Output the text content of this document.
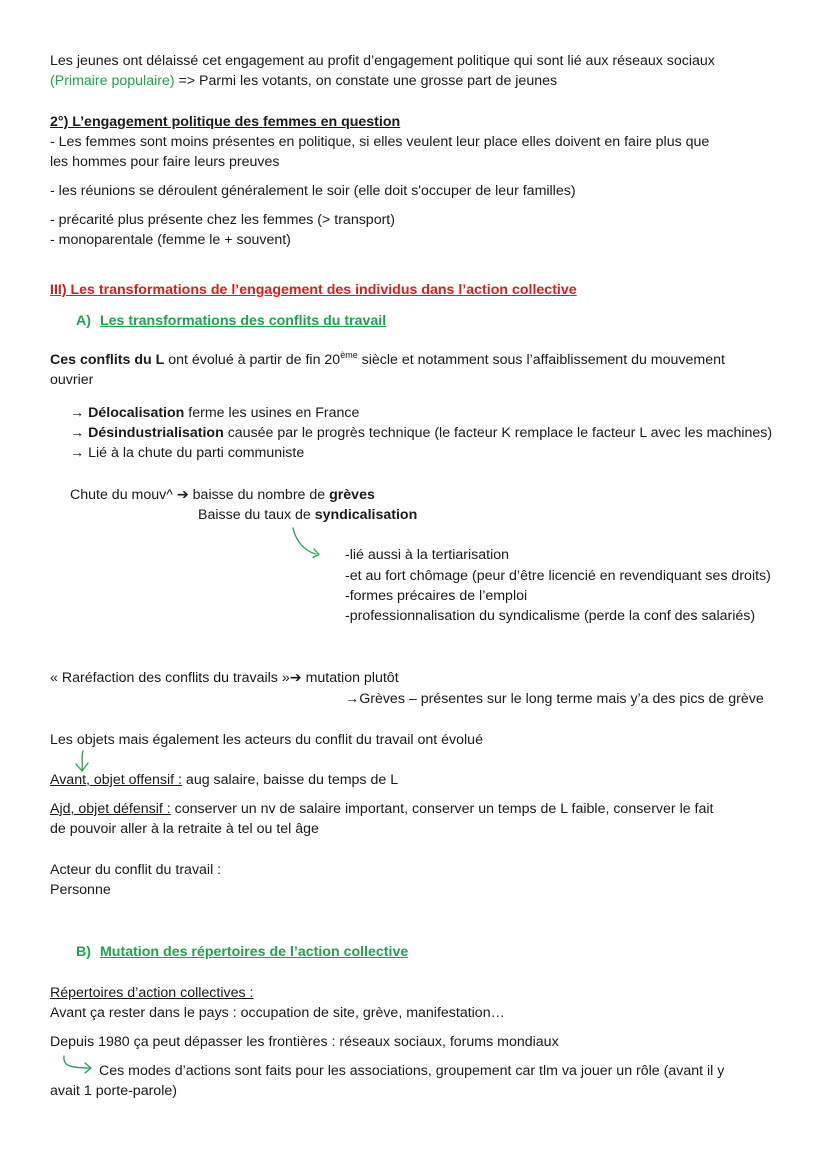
Les jeunes ont délaissé cet engagement au profit d’engagement politique qui sont lié aux réseaux sociaux
(Primaire populaire) => Parmi les votants, on constate une grosse part de jeunes
2°) L’engagement politique des femmes en question
- Les femmes sont moins présentes en politique, si elles veulent leur place elles doivent en faire plus que
les hommes pour faire leurs preuves
- les réunions se déroulent généralement le soir (elle doit s'occuper de leur familles)
- précarité plus présente chez les femmes (> transport)
- monoparentale (femme le + souvent)
III) Les transformations de l’engagement des individus dans l’action collective
A) Les transformations des conflits du travail
Ces conflits du L ont évolué à partir de fin 20ème siècle et notamment sous l’affaiblissement du mouvement
ouvrier
→ Délocalisation ferme les usines en France
→ Désindustrialisation causée par le progrès technique (le facteur K remplace le facteur L avec les machines)
→ Lié à la chute du parti communiste
Chute du mouv^ ➔ baisse du nombre de grèves
Baisse du taux de syndicalisation
-lié aussi à la tertiarisation
-et au fort chômage (peur d’être licencié en revendiquant ses droits)
-formes précaires de l’emploi
-professionnalisation du syndicalisme (perde la conf des salariés)
« Raréfaction des conflits du travails »➔ mutation plutôt
→Grèves – présentes sur le long terme mais y’a des pics de grève
Les objets mais également les acteurs du conflit du travail ont évolué
Avant, objet offensif : aug salaire, baisse du temps de L
Ajd, objet défensif : conserver un nv de salaire important, conserver un temps de L faible, conserver le fait
de pouvoir aller à la retraite à tel ou tel âge
Acteur du conflit du travail :
Personne
B) Mutation des répertoires de l’action collective
Répertoires d’action collectives :
Avant ça rester dans le pays : occupation de site, grève, manifestation…
Depuis 1980 ça peut dépasser les frontières : réseaux sociaux, forums mondiaux
Ces modes d’actions sont faits pour les associations, groupement car tlm va jouer un rôle (avant il y
avait 1 porte-parole)
